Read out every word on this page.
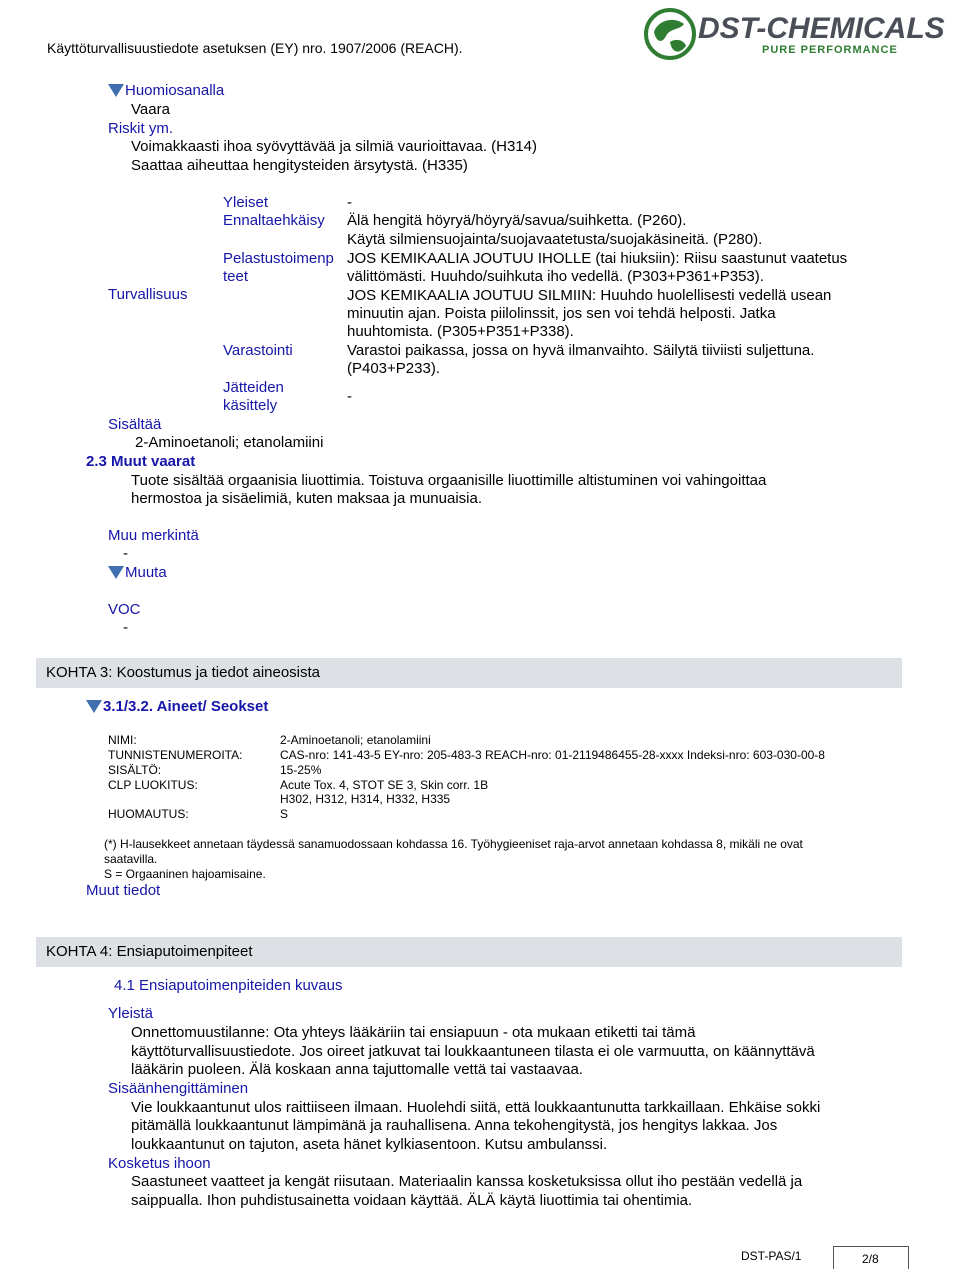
Käyttöturvallisuustiedote asetuksen (EY) nro. 1907/2006 (REACH).
DST-CHEMICALS
PURE PERFORMANCE
Huomiosanalla
Vaara
Riskit ym.
Voimakkaasti ihoa syövyttävää ja silmiä vaurioittavaa. (H314)
Saattaa aiheuttaa hengitysteiden ärsytystä. (H335)
Turvallisuus
Yleiset	-
Ennaltaehkäisy Älä hengitä höyryä/höyryä/savua/suihketta. (P260).
Käytä silmiensuojainta/suojavaatetusta/suojakäsineitä. (P280).
Pelastustoimenp
teet
JOS KEMIKAALIA JOUTUU IHOLLE (tai hiuksiin): Riisu saastunut vaatetus
välittömästi. Huuhdo/suihkuta iho vedellä. (P303+P361+P353).
JOS KEMIKAALIA JOUTUU SILMIIN: Huuhdo huolellisesti vedellä usean
minuutin ajan. Poista piilolinssit, jos sen voi tehdä helposti. Jatka
huuhtomista. (P305+P351+P338).
Varastointi	Varastoi paikassa, jossa on hyvä ilmanvaihto. Säilytä tiiviisti suljettuna.
(P403+P233).
Jätteiden
käsittely
-
Sisältää
2-Aminoetanoli; etanolamiini
2.3 Muut vaarat
Tuote sisältää orgaanisia liuottimia. Toistuva orgaanisille liuottimille altistuminen voi vahingoittaa
hermostoa ja sisäelimiä, kuten maksaa ja munuaisia.
Muu merkintä
-
Muuta
VOC
-
KOHTA 3: Koostumus ja tiedot aineosista
3.1/3.2. Aineet/ Seokset
NIMI:	2-Aminoetanoli; etanolamiini
TUNNISTENUMEROITA:	CAS-nro: 141-43-5 EY-nro: 205-483-3 REACH-nro: 01-2119486455-28-xxxx Indeksi-nro: 603-030-00-8
SISÄLTÖ:	15-25%
CLP LUOKITUS:	Acute Tox. 4, STOT SE 3, Skin corr. 1B
H302, H312, H314, H332, H335
HUOMAUTUS:	S
(*) H-lausekkeet annetaan täydessä sanamuodossaan kohdassa 16. Työhygieeniset raja-arvot annetaan kohdassa 8, mikäli ne ovat
saatavilla.
S = Orgaaninen hajoamisaine.
Muut tiedot
KOHTA 4: Ensiaputoimenpiteet
4.1 Ensiaputoimenpiteiden kuvaus
Yleistä
Onnettomuustilanne: Ota yhteys lääkäriin tai ensiapuun - ota mukaan etiketti tai tämä
käyttöturvallisuustiedote. Jos oireet jatkuvat tai loukkaantuneen tilasta ei ole varmuutta, on käännyttävä
lääkärin puoleen. Älä koskaan anna tajuttomalle vettä tai vastaavaa.
Sisäänhengittäminen
Vie loukkaantunut ulos raittiiseen ilmaan. Huolehdi siitä, että loukkaantunutta tarkkaillaan. Ehkäise sokki
pitämällä loukkaantunut lämpimänä ja rauhallisena. Anna tekohengitystä, jos hengitys lakkaa. Jos
loukkaantunut on tajuton, aseta hänet kylkiasentoon. Kutsu ambulanssi.
Kosketus ihoon
Saastuneet vaatteet ja kengät riisutaan. Materiaalin kanssa kosketuksissa ollut iho pestään vedellä ja
saippualla. Ihon puhdistusainetta voidaan käyttää. ÄLÄ käytä liuottimia tai ohentimia.
DST-PAS/1	2/8
